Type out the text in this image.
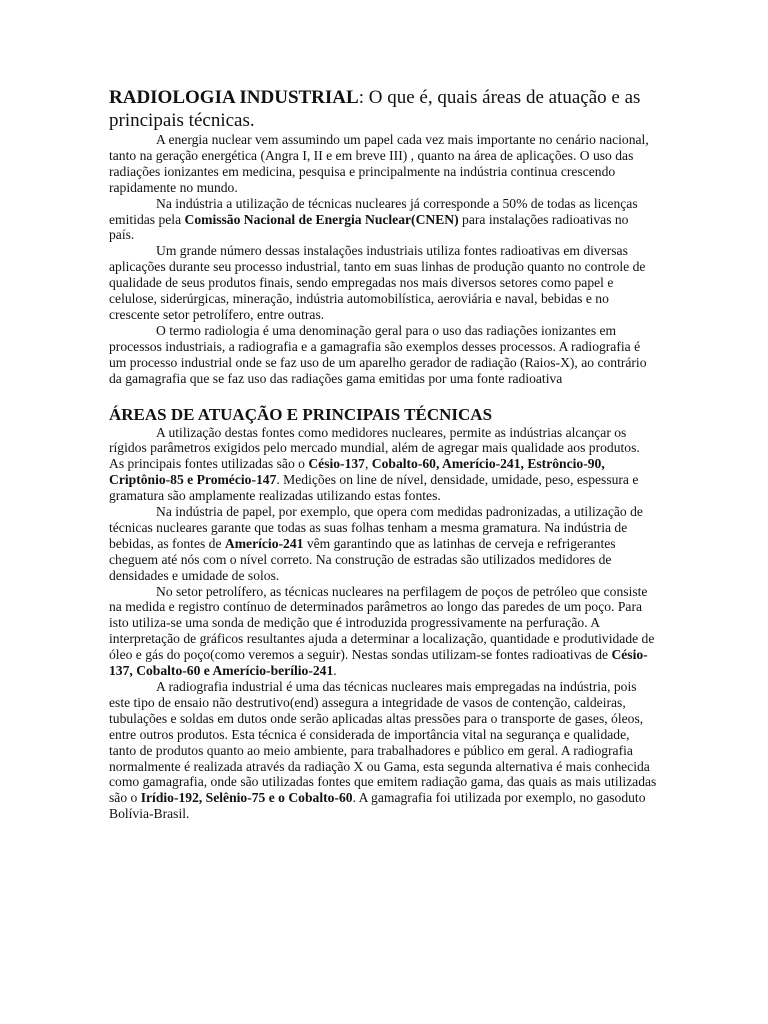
RADIOLOGIA INDUSTRIAL: O que é, quais áreas de atuação e as principais técnicas.

A energia nuclear vem assumindo um papel cada vez mais importante no cenário nacional, tanto na geração energética (Angra I, II e em breve III) , quanto na área de aplicações. O uso das radiações ionizantes em medicina, pesquisa e principalmente na indústria continua crescendo rapidamente no mundo.

Na indústria a utilização de técnicas nucleares já corresponde a 50% de todas as licenças emitidas pela Comissão Nacional de Energia Nuclear(CNEN) para instalações radioativas no país.

Um grande número dessas instalações industriais utiliza fontes radioativas em diversas aplicações durante seu processo industrial, tanto em suas linhas de produção quanto no controle de qualidade de seus produtos finais, sendo empregadas nos mais diversos setores como papel e celulose, siderúrgicas, mineração, indústria automobilística, aeroviária e naval, bebidas e no crescente setor petrolífero, entre outras.

O termo radiologia é uma denominação geral para o uso das radiações ionizantes em processos industriais, a radiografia e a gamagrafia são exemplos desses processos. A radiografia é um processo industrial onde se faz uso de um aparelho gerador de radiação (Raios-X), ao contrário da gamagrafia que se faz uso das radiações gama emitidas por uma fonte radioativa

ÁREAS DE ATUAÇÃO E PRINCIPAIS TÉCNICAS

A utilização destas fontes como medidores nucleares, permite as indústrias alcançar os rígidos parâmetros exigidos pelo mercado mundial, além de agregar mais qualidade aos produtos. As principais fontes utilizadas são o Césio-137, Cobalto-60, Amerício-241, Estrôncio-90, Criptônio-85 e Promécio-147. Medições on line de nível, densidade, umidade, peso, espessura e gramatura são amplamente realizadas utilizando estas fontes.

Na indústria de papel, por exemplo, que opera com medidas padronizadas, a utilização de técnicas nucleares garante que todas as suas folhas tenham a mesma gramatura. Na indústria de bebidas, as fontes de Amerício-241 vêm garantindo que as latinhas de cerveja e refrigerantes cheguem até nós com o nível correto. Na construção de estradas são utilizados medidores de densidades e umidade de solos.

No setor petrolífero, as técnicas nucleares na perfilagem de poços de petróleo que consiste na medida e registro contínuo de determinados parâmetros ao longo das paredes de um poço. Para isto utiliza-se uma sonda de medição que é introduzida progressivamente na perfuração. A interpretação de gráficos resultantes ajuda a determinar a localização, quantidade e produtividade de óleo e gás do poço(como veremos a seguir). Nestas sondas utilizam-se fontes radioativas de Césio-137, Cobalto-60 e Amerício-berílio-241.

A radiografia industrial é uma das técnicas nucleares mais empregadas na indústria, pois este tipo de ensaio não destrutivo(end) assegura a integridade de vasos de contenção, caldeiras, tubulações e soldas em dutos onde serão aplicadas altas pressões para o transporte de gases, óleos, entre outros produtos. Esta técnica é considerada de importância vital na segurança e qualidade, tanto de produtos quanto ao meio ambiente, para trabalhadores e público em geral. A radiografia normalmente é realizada através da radiação X ou Gama, esta segunda alternativa é mais conhecida como gamagrafia, onde são utilizadas fontes que emitem radiação gama, das quais as mais utilizadas são o Irídio-192, Selênio-75 e o Cobalto-60. A gamagrafia foi utilizada por exemplo, no gasoduto Bolívia-Brasil.
